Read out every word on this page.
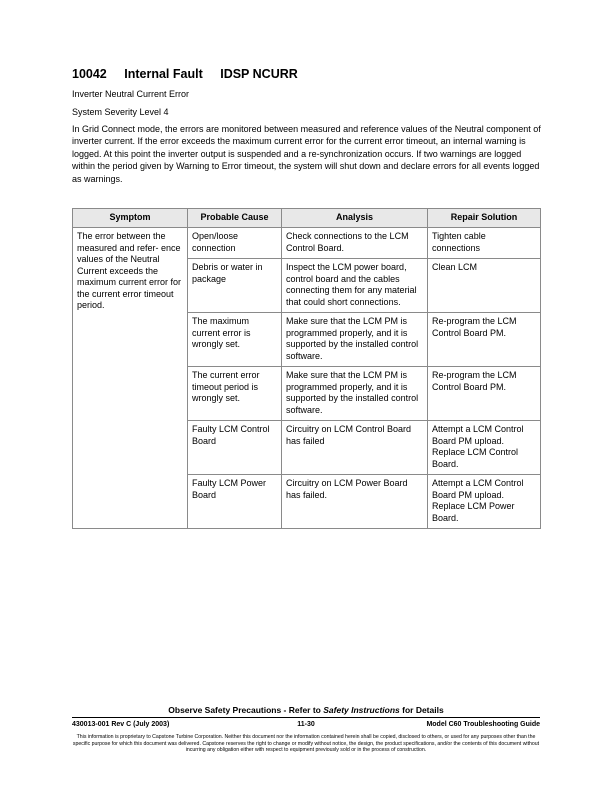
10042 Internal Fault IDSP NCURR
Inverter Neutral Current Error
System Severity Level 4
In Grid Connect mode, the errors are monitored between measured and reference values of the Neutral component of inverter current. If the error exceeds the maximum current error for the current error timeout, an internal warning is logged. At this point the inverter output is suspended and a re-synchronization occurs. If two warnings are logged within the period given by Warning to Error timeout, the system will shut down and declare errors for all events logged as warnings.
Symptom	Probable Cause	Analysis	Repair Solution
The error between the measured and refer- ence values of the Neutral Current exceeds the maximum current error for the current error timeout period.	Open/loose connection	Check connections to the LCM Control Board.	Tighten cable connections
	Debris or water in package	Inspect the LCM power board, control board and the cables connecting them for any material that could short connections.	Clean LCM
	The maximum current error is wrongly set.	Make sure that the LCM PM is programmed properly, and it is supported by the installed control software.	Re-program the LCM Control Board PM.
	The current error timeout period is wrongly set.	Make sure that the LCM PM is programmed properly, and it is supported by the installed control software.	Re-program the LCM Control Board PM.
	Faulty LCM Control Board	Circuitry on LCM Control Board has failed	Attempt a LCM Control Board PM upload. Replace LCM Control Board.
	Faulty LCM Power Board	Circuitry on LCM Power Board has failed.	Attempt a LCM Control Board PM upload. Replace LCM Power Board.
Observe Safety Precautions - Refer to Safety Instructions for Details
430013-001 Rev C (July 2003)	11-30	Model C60 Troubleshooting Guide
This information is proprietary to Capstone Turbine Corporation. Neither this document nor the information contained herein shall be copied, disclosed to others, or used for any purposes other than the specific purpose for which this document was delivered. Capstone reserves the right to change or modify without notice, the design, the product specifications, and/or the contents of this document without incurring any obligation either with respect to equipment previously sold or in the process of construction.
